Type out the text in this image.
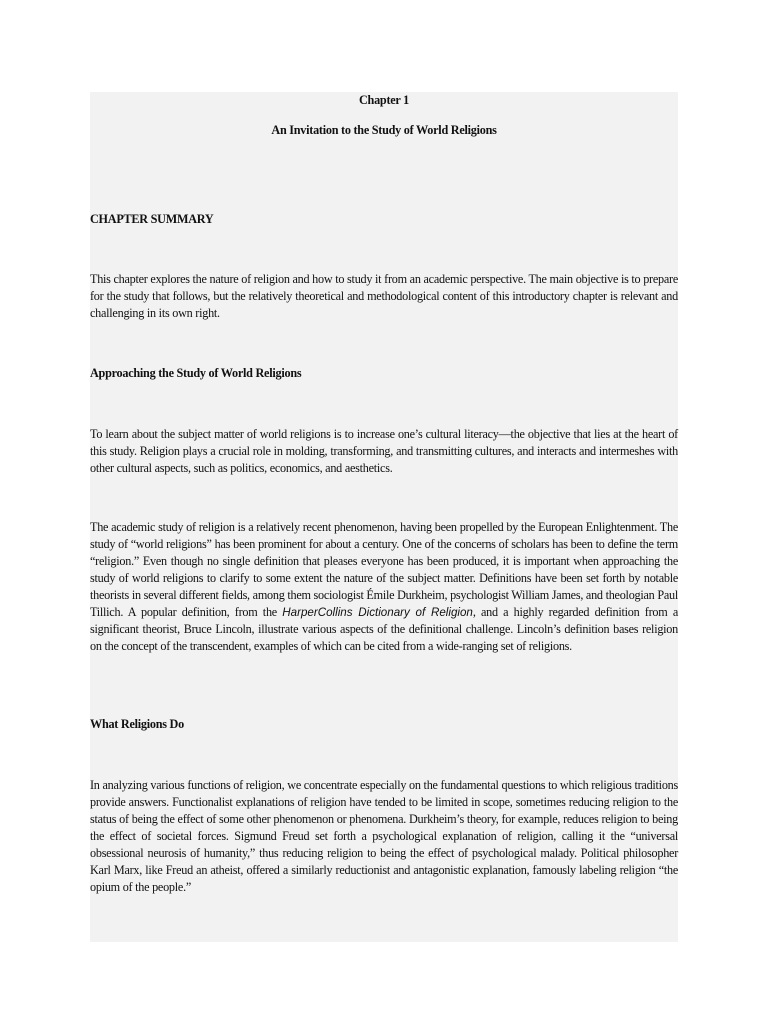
Chapter 1

An Invitation to the Study of World Religions

CHAPTER SUMMARY

This chapter explores the nature of religion and how to study it from an academic perspective. The main objective is to prepare for the study that follows, but the relatively theoretical and methodological content of this introductory chapter is relevant and challenging in its own right.

Approaching the Study of World Religions

To learn about the subject matter of world religions is to increase one’s cultural literacy—the objective that lies at the heart of this study. Religion plays a crucial role in molding, transforming, and transmitting cultures, and interacts and intermeshes with other cultural aspects, such as politics, economics, and aesthetics.

The academic study of religion is a relatively recent phenomenon, having been propelled by the European Enlightenment. The study of “world religions” has been prominent for about a century. One of the concerns of scholars has been to define the term “religion.” Even though no single definition that pleases everyone has been produced, it is important when approaching the study of world religions to clarify to some extent the nature of the subject matter. Definitions have been set forth by notable theorists in several different fields, among them sociologist Émile Durkheim, psychologist William James, and theologian Paul Tillich. A popular definition, from the HarperCollins Dictionary of Religion, and a highly regarded definition from a significant theorist, Bruce Lincoln, illustrate various aspects of the definitional challenge. Lincoln’s definition bases religion on the concept of the transcendent, examples of which can be cited from a wide-ranging set of religions.

What Religions Do

In analyzing various functions of religion, we concentrate especially on the fundamental questions to which religious traditions provide answers. Functionalist explanations of religion have tended to be limited in scope, sometimes reducing religion to the status of being the effect of some other phenomenon or phenomena. Durkheim’s theory, for example, reduces religion to being the effect of societal forces. Sigmund Freud set forth a psychological explanation of religion, calling it the “universal obsessional neurosis of humanity,” thus reducing religion to being the effect of psychological malady. Political philosopher Karl Marx, like Freud an atheist, offered a similarly reductionist and antagonistic explanation, famously labeling religion “the opium of the people.”
